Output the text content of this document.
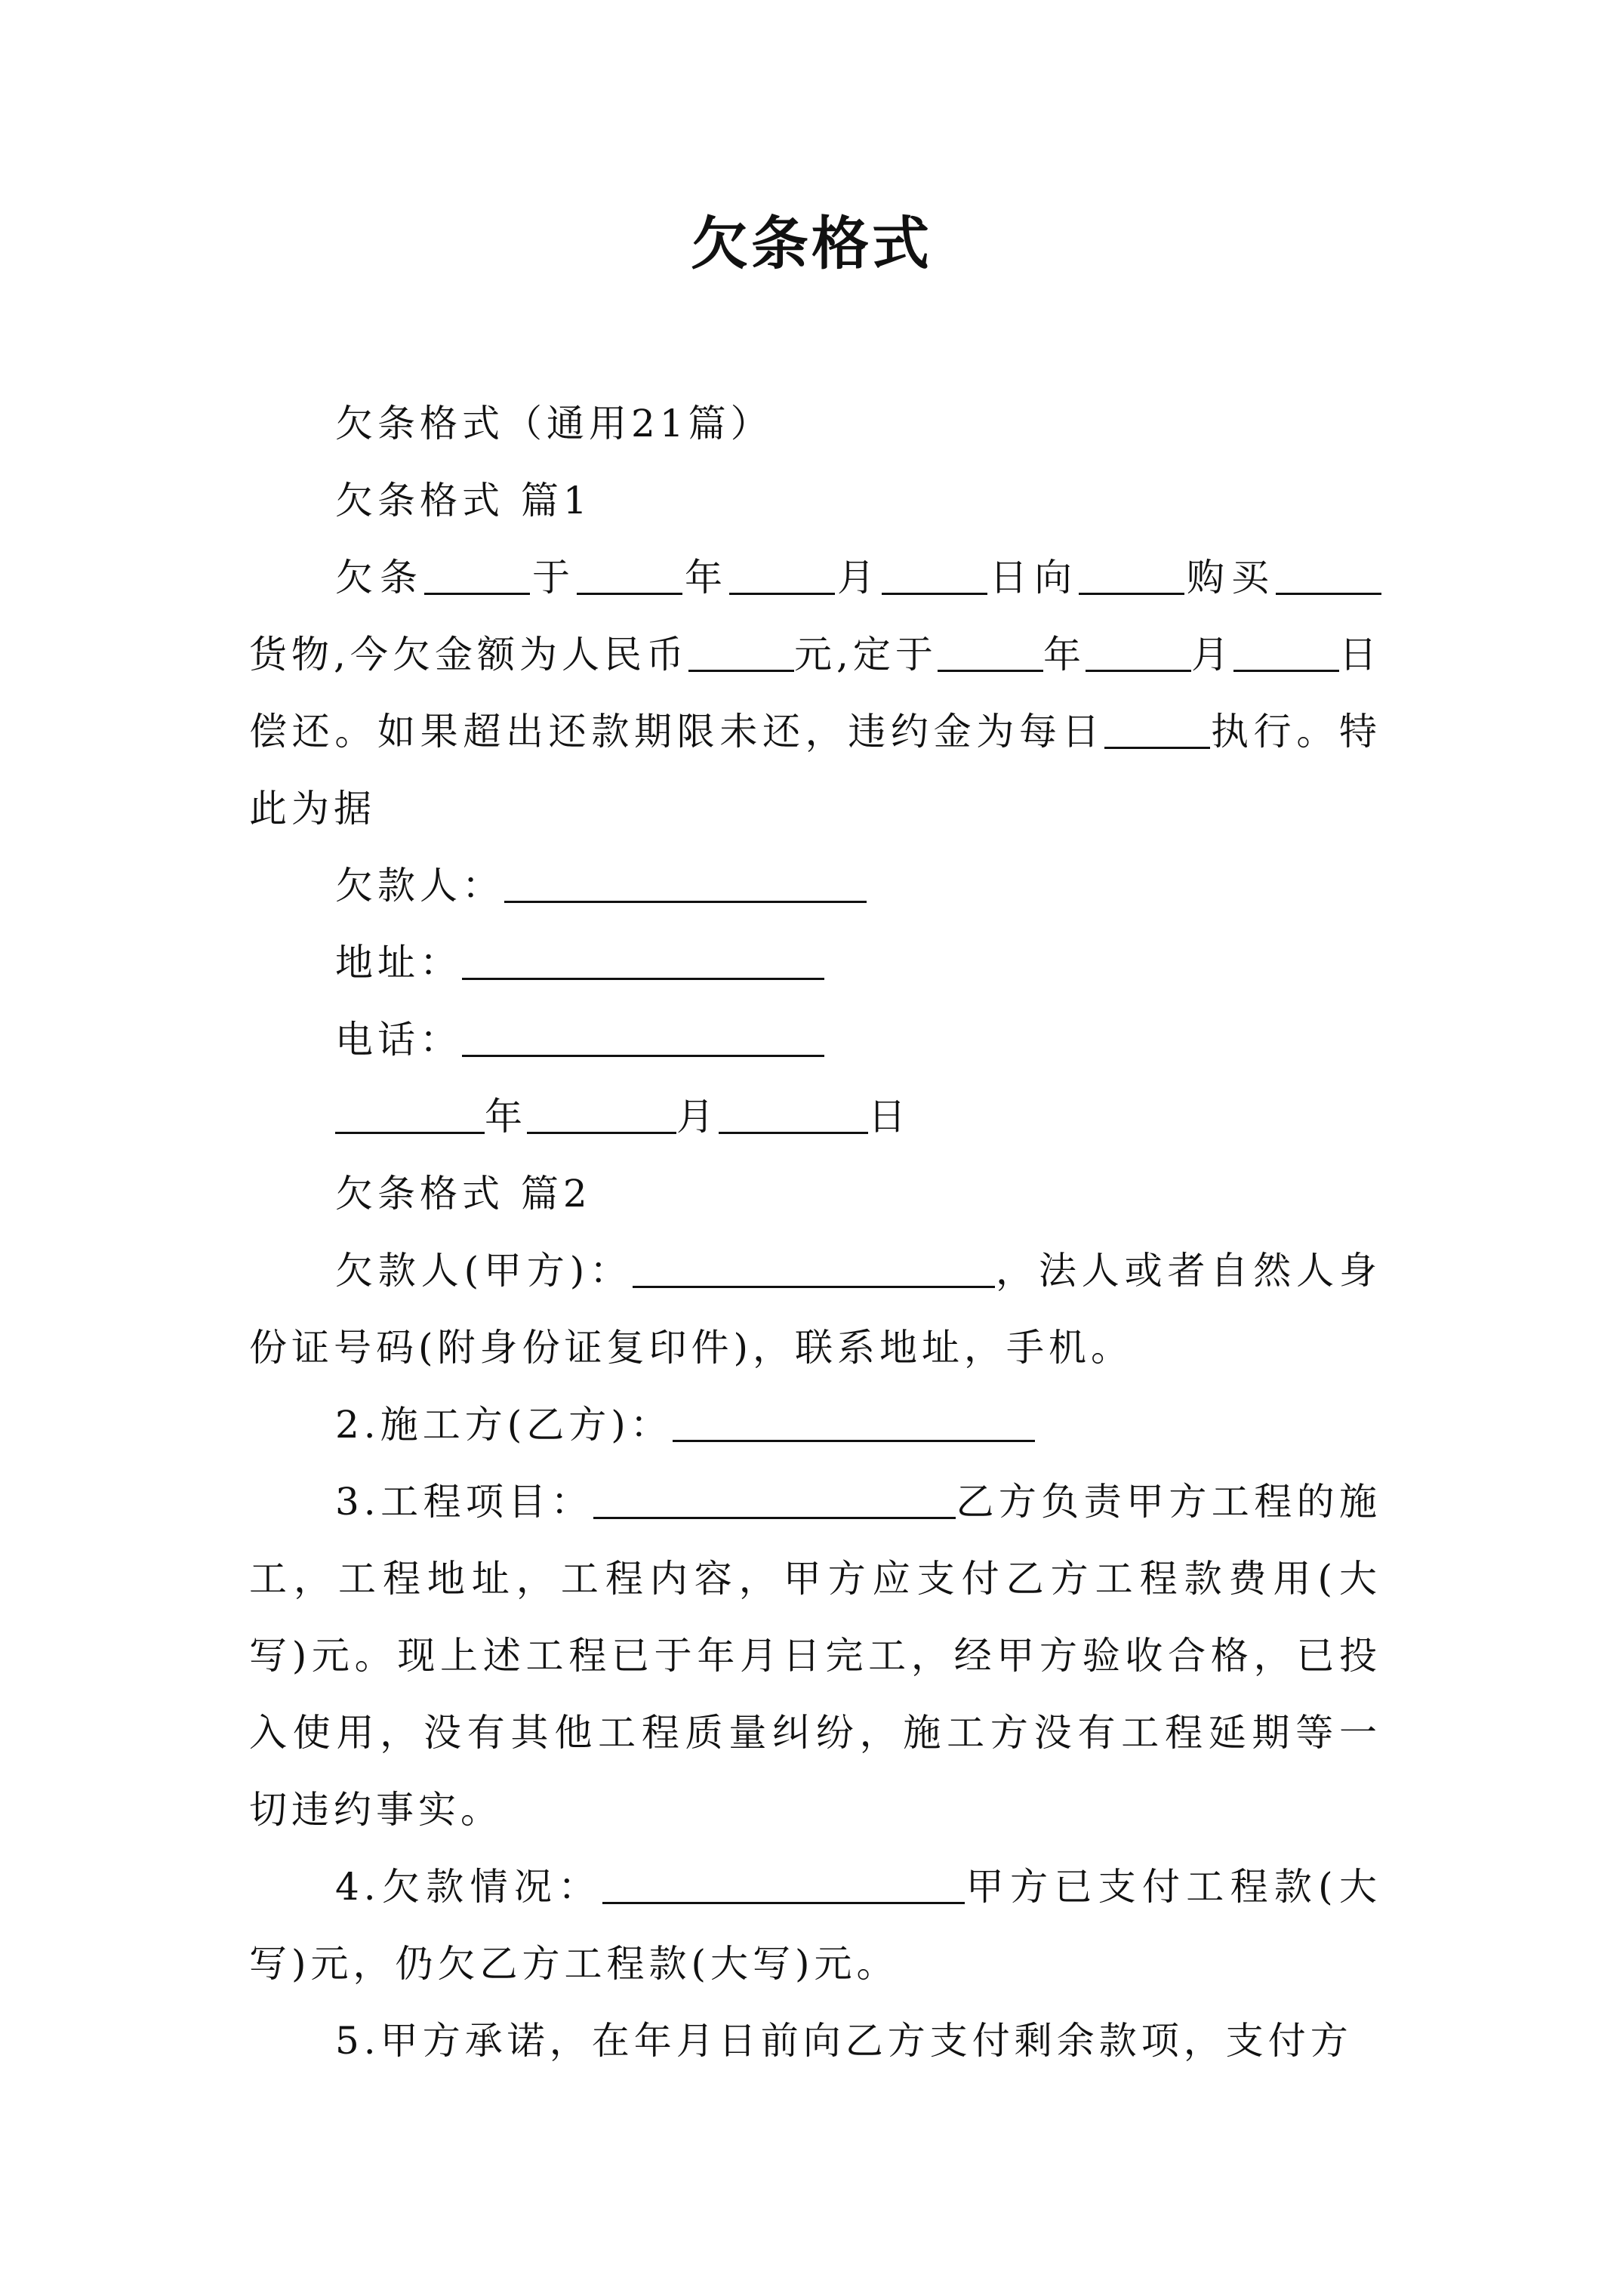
欠条格式

欠条格式（通用21篇）

欠条格式 篇1

欠条	于	年	月	日向	购买货物,今欠金额为人民币	元,定于	年	月	日偿还。如果超出还款期限未还，违约金为每日	执行。特此为据

欠款人：

地址：

电话：

年	月	日

欠条格式 篇2

欠款人(甲方)：	，法人或者自然人身份证号码(附身份证复印件)，联系地址，手机。

2.施工方(乙方)：

3.工程项目：	乙方负责甲方工程的施工，工程地址，工程内容，甲方应支付乙方工程款费用(大写)元。现上述工程已于年月日完工，经甲方验收合格，已投入使用，没有其他工程质量纠纷，施工方没有工程延期等一切违约事实。

4.欠款情况：	甲方已支付工程款(大写)元，仍欠乙方工程款(大写)元。

5.甲方承诺，在年月日前向乙方支付剩余款项，支付方
